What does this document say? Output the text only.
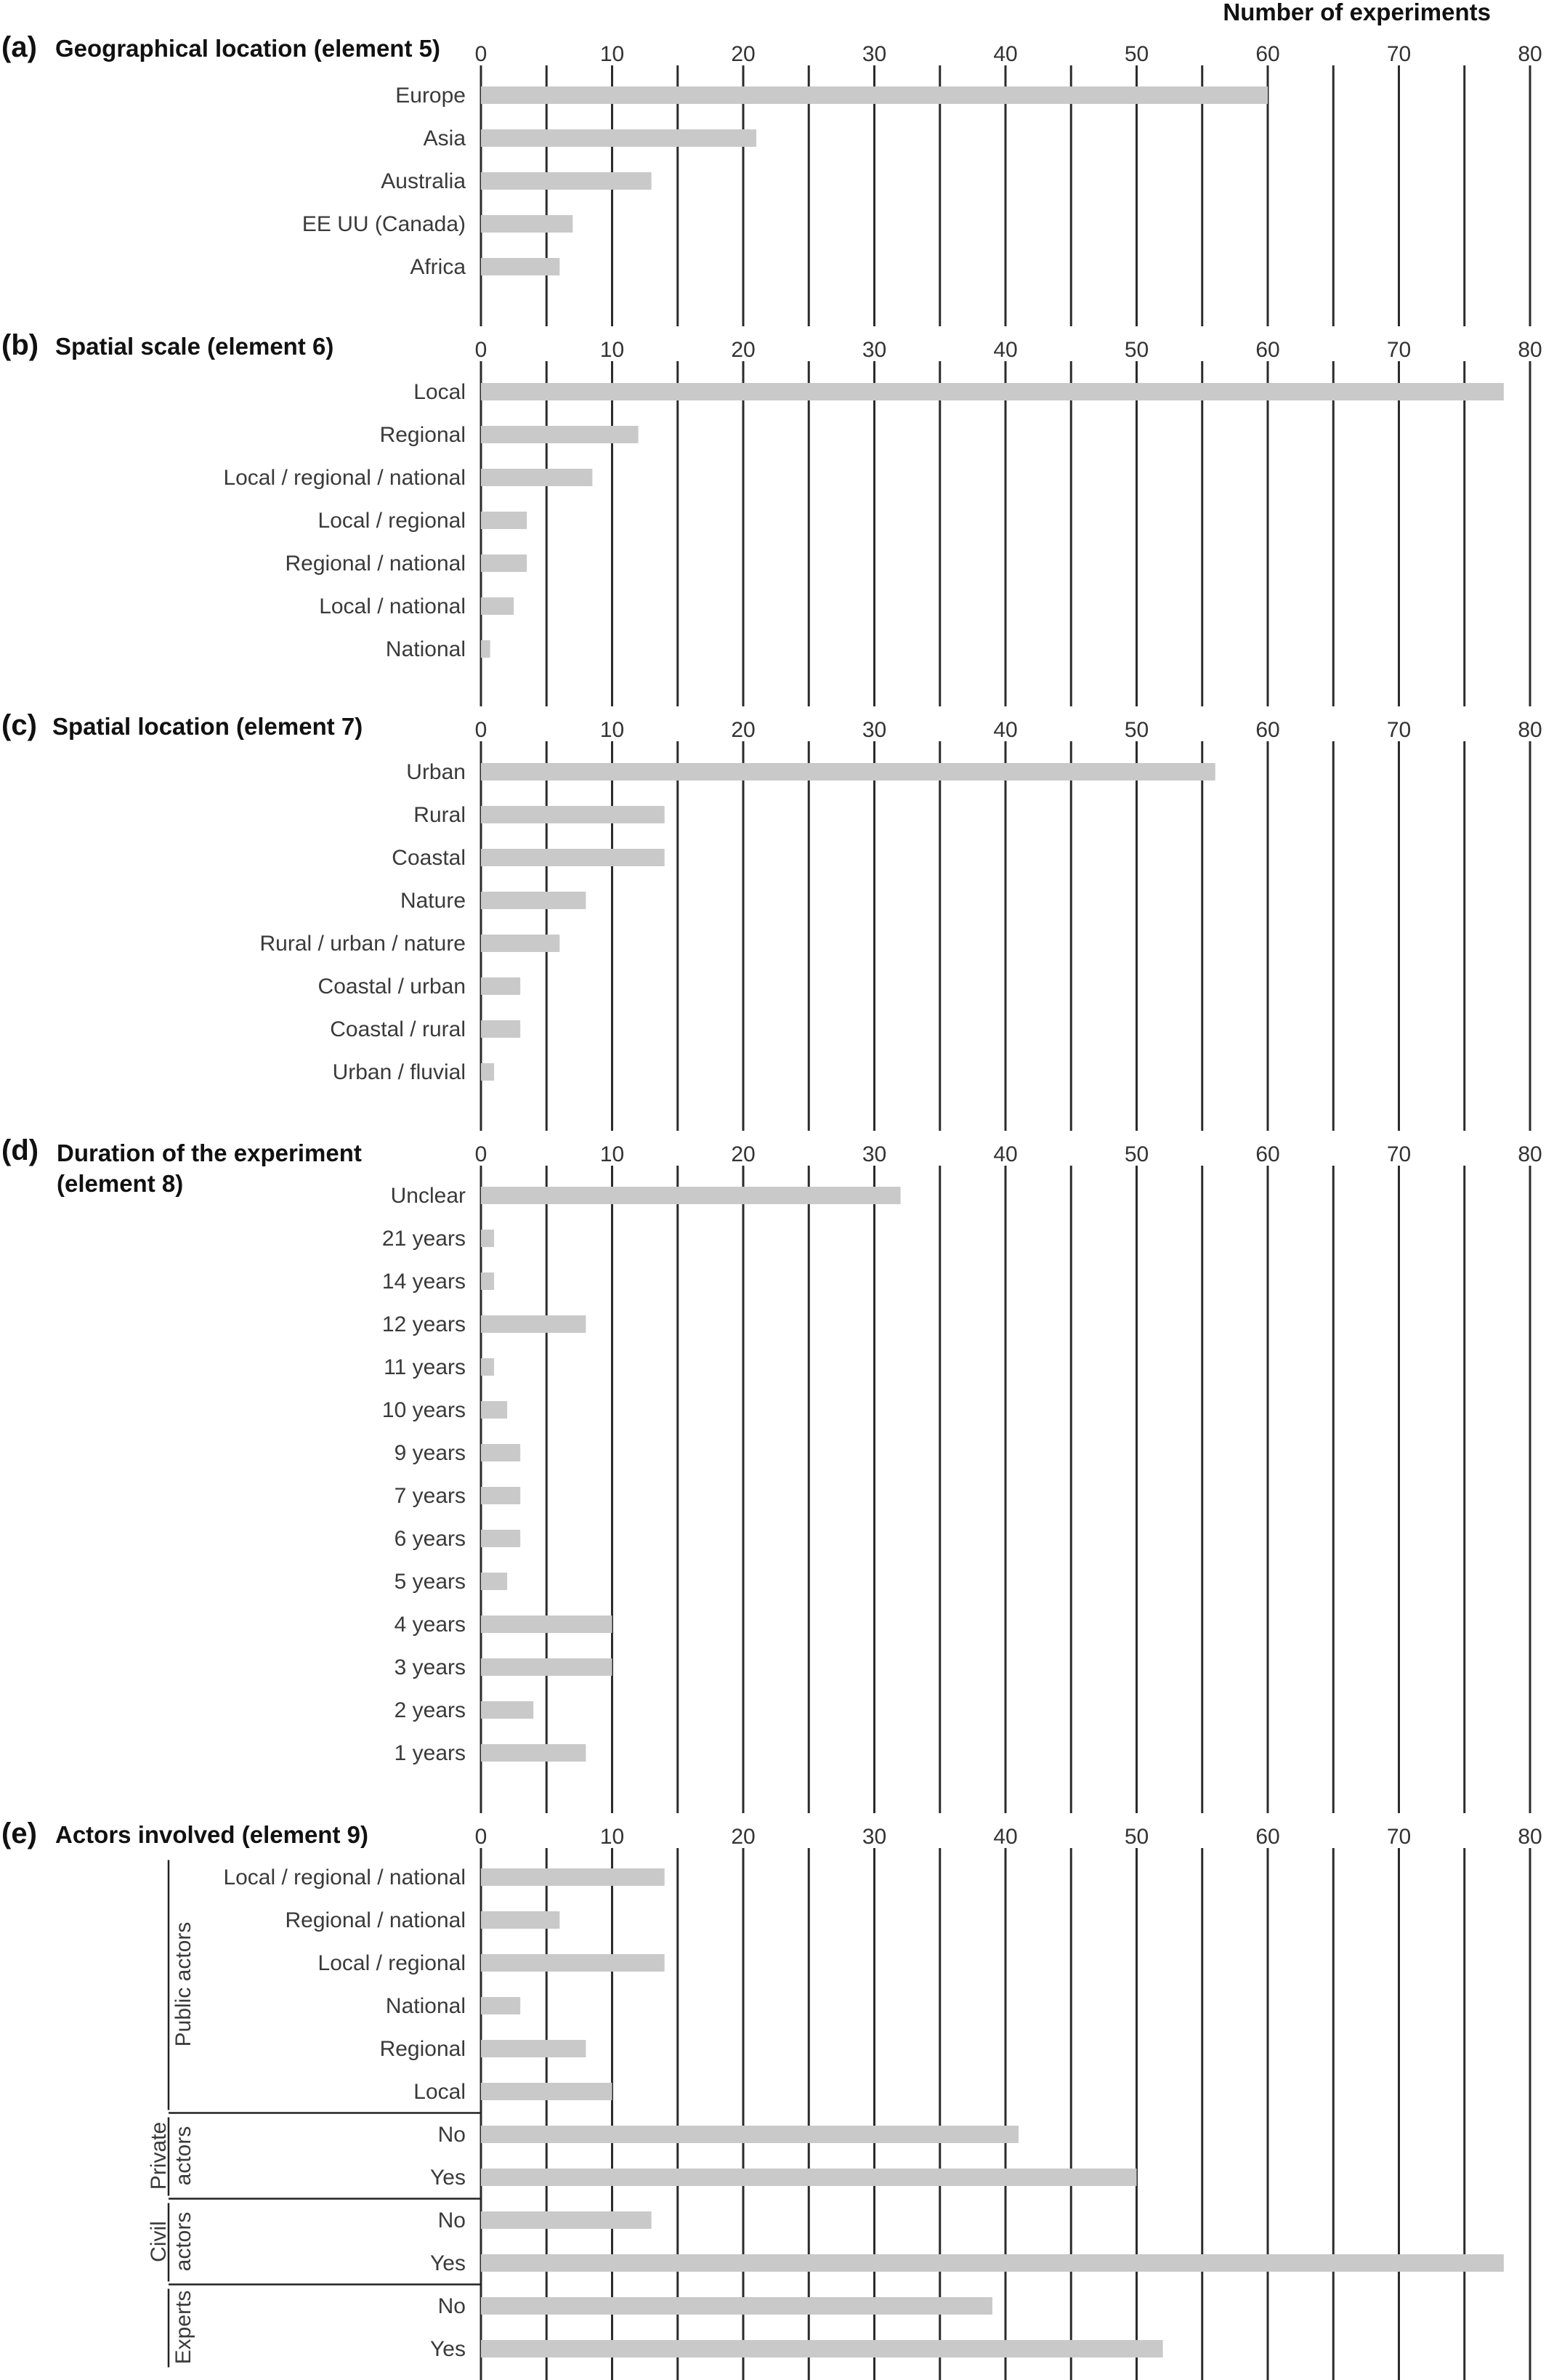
Number of experiments
0	10	20	30	40	50	60	70	80
(a) Geographical location (element 5)
Europe
Asia
Australia
EE UU (Canada)
Africa
0	10	20	30	40	50	60	70	80
(b) Spatial scale (element 6)
Local
Regional
Local / regional / national
Local / regional
Regional / national
Local / national
National
0	10	20	30	40	50	60	70	80
(c) Spatial location (element 7)
Urban
Rural
Coastal
Nature
Rural / urban / nature
Coastal / urban
Coastal / rural
Urban / fluvial
0	10	20	30	40	50	60	70	80
(d) Duration of the experiment
(element 8)	Unclear
21 years
14 years
12 years
11 years
10 years
9 years
7 years
6 years
5 years
4 years
3 years
2 years
1 years
0	10	20	30	40	50	60	70	80
(e) Actors involved (element 9)
Local / regional / national
Regional / national
Local / regional
National
Regional
Local
No
Yes
No
Yes
No
Yes
Public actors
Private actors
Civil actors
Experts
